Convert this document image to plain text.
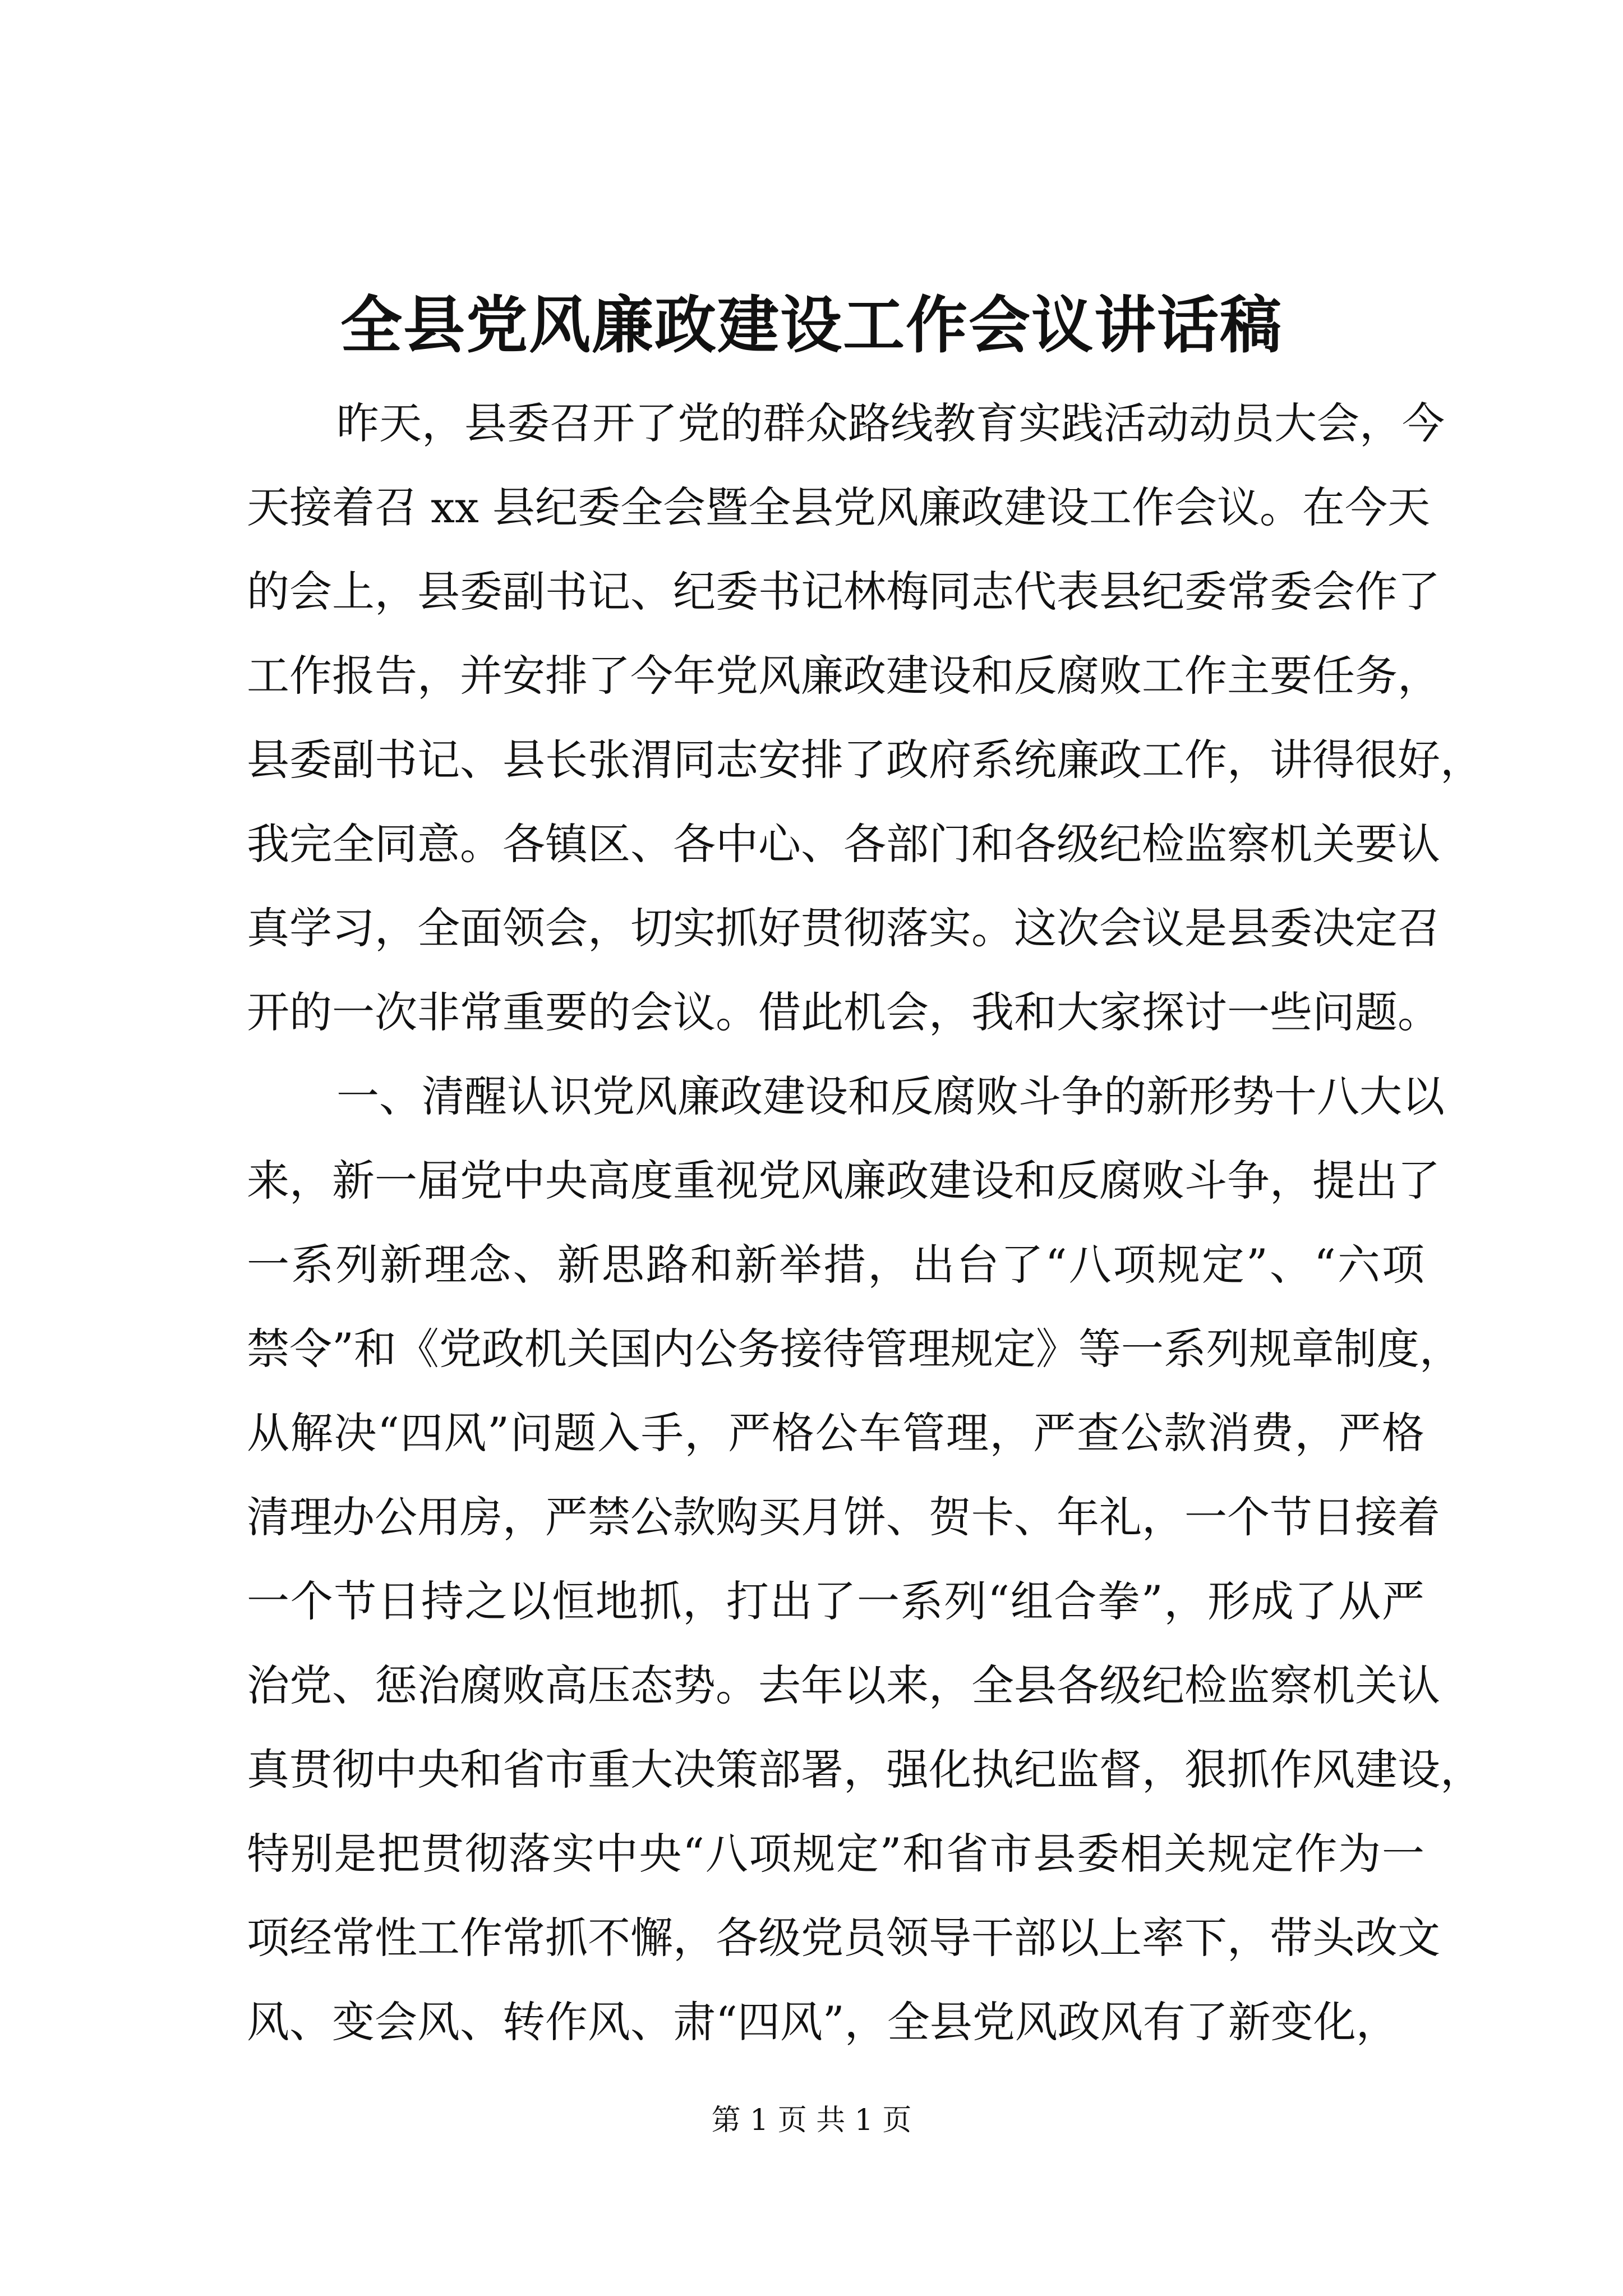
全县党风廉政建设工作会议讲话稿
昨天，县委召开了党的群众路线教育实践活动动员大会，今
天接着召 xx 县纪委全会暨全县党风廉政建设工作会议。在今天
的会上，县委副书记、纪委书记林梅同志代表县纪委常委会作了
工作报告，并安排了今年党风廉政建设和反腐败工作主要任务，
县委副书记、县长张渭同志安排了政府系统廉政工作，讲得很好，
我完全同意。各镇区、各中心、各部门和各级纪检监察机关要认
真学习，全面领会，切实抓好贯彻落实。这次会议是县委决定召
开的一次非常重要的会议。借此机会，我和大家探讨一些问题。
一、清醒认识党风廉政建设和反腐败斗争的新形势十八大以
来，新一届党中央高度重视党风廉政建设和反腐败斗争，提出了
一系列新理念、新思路和新举措，出台了“八项规定”、“六项
禁令”和《党政机关国内公务接待管理规定》等一系列规章制度，
从解决“四风”问题入手，严格公车管理，严查公款消费，严格
清理办公用房，严禁公款购买月饼、贺卡、年礼，一个节日接着
一个节日持之以恒地抓，打出了一系列“组合拳”，形成了从严
治党、惩治腐败高压态势。去年以来，全县各级纪检监察机关认
真贯彻中央和省市重大决策部署，强化执纪监督，狠抓作风建设，
特别是把贯彻落实中央“八项规定”和省市县委相关规定作为一
项经常性工作常抓不懈，各级党员领导干部以上率下，带头改文
风、变会风、转作风、肃“四风”，全县党风政风有了新变化，
第 1 页 共 1 页
